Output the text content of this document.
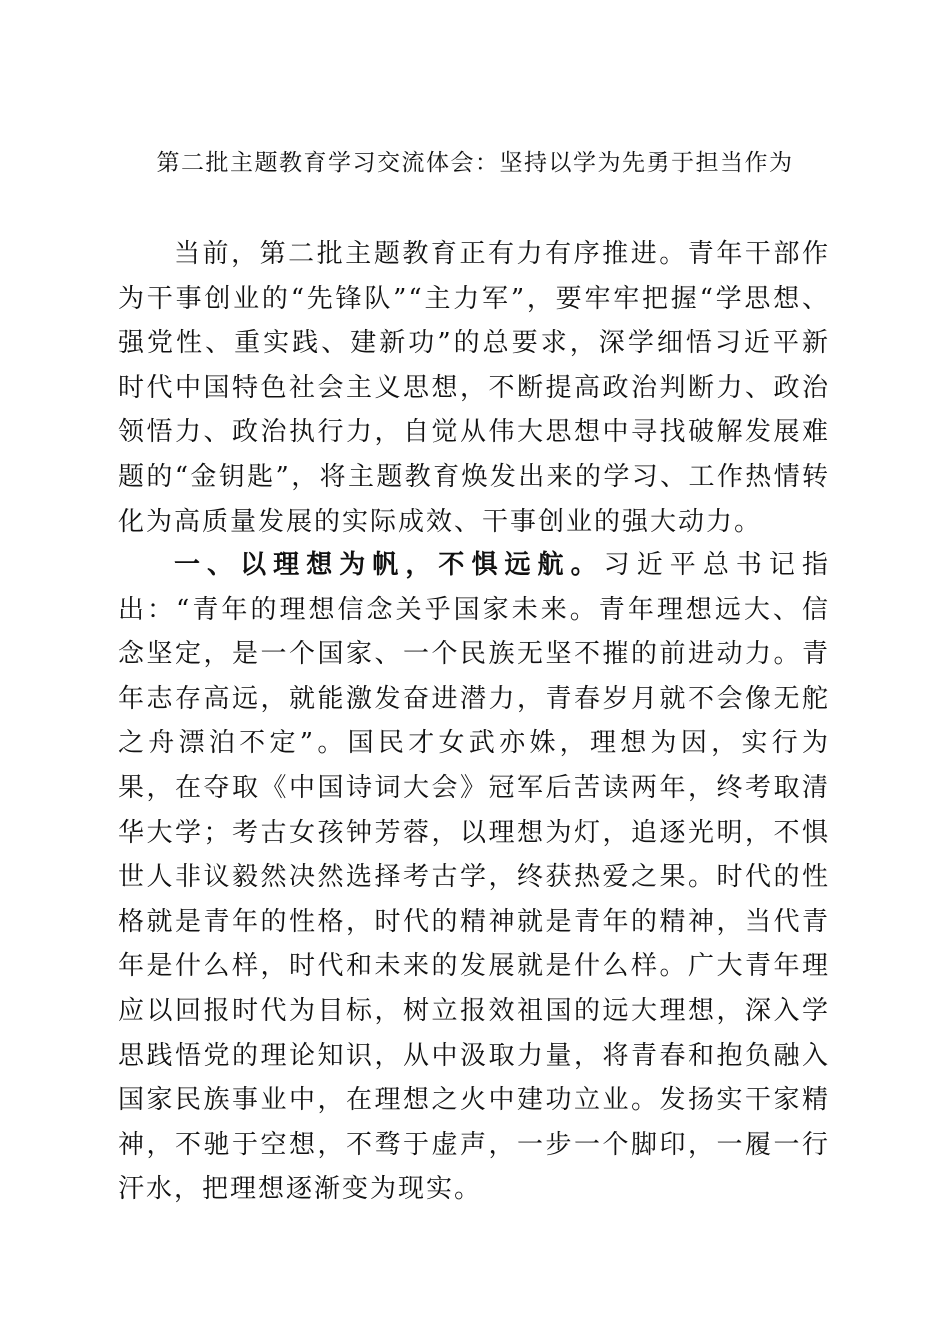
第二批主题教育学习交流体会：坚持以学为先勇于担当作为

当前，第二批主题教育正有力有序推进。青年干部作为干事创业的“先锋队”“主力军”，要牢牢把握“学思想、强党性、重实践、建新功”的总要求，深学细悟习近平新时代中国特色社会主义思想，不断提高政治判断力、政治领悟力、政治执行力，自觉从伟大思想中寻找破解发展难题的“金钥匙”，将主题教育焕发出来的学习、工作热情转化为高质量发展的实际成效、干事创业的强大动力。

一、以理想为帆，不惧远航。习近平总书记指出：“青年的理想信念关乎国家未来。青年理想远大、信念坚定，是一个国家、一个民族无坚不摧的前进动力。青年志存高远，就能激发奋进潜力，青春岁月就不会像无舵之舟漂泊不定”。国民才女武亦姝，理想为因，实行为果，在夺取《中国诗词大会》冠军后苦读两年，终考取清华大学；考古女孩钟芳蓉，以理想为灯，追逐光明，不惧世人非议毅然决然选择考古学，终获热爱之果。时代的性格就是青年的性格，时代的精神就是青年的精神，当代青年是什么样，时代和未来的发展就是什么样。广大青年理应以回报时代为目标，树立报效祖国的远大理想，深入学思践悟党的理论知识，从中汲取力量，将青春和抱负融入国家民族事业中，在理想之火中建功立业。发扬实干家精神，不驰于空想，不骛于虚声，一步一个脚印，一履一行汗水，把理想逐渐变为现实。
